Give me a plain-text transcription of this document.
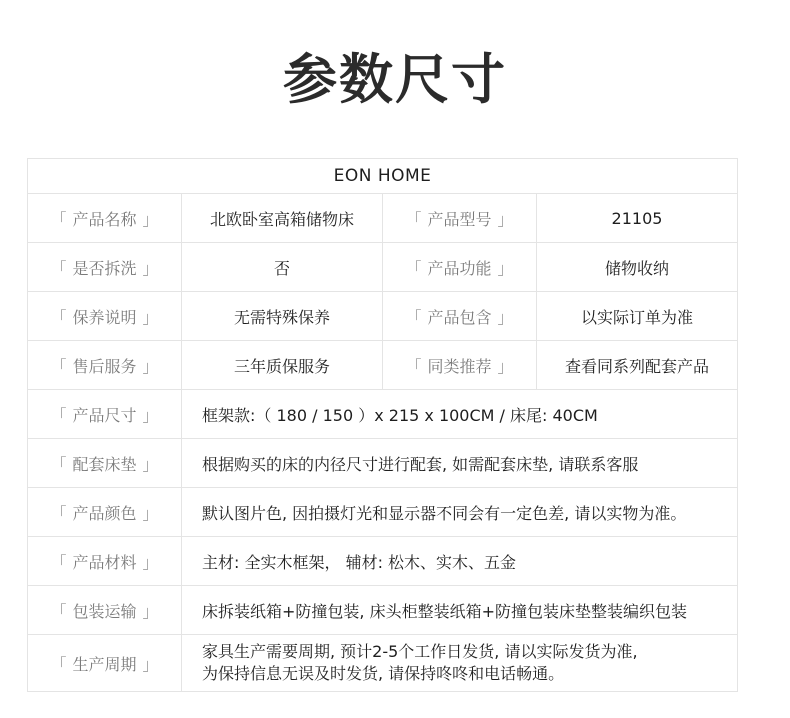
参数尺寸
EON HOME			
「 产品名称 」	北欧卧室高箱储物床	「 产品型号 」	21105
「 是否拆洗 」	否	「 产品功能 」	储物收纳
「 保养说明 」	无需特殊保养	「 产品包含 」	以实际订单为准
「 售后服务 」	三年质保服务	「 同类推荐 」	查看同系列配套产品
「 产品尺寸 」	框架款:（ 180 / 150 ）x 215 x 100CM / 床尾: 40CM		
「 配套床垫 」	根据购买的床的内径尺寸进行配套, 如需配套床垫, 请联系客服		
「 产品颜色 」	默认图片色, 因拍摄灯光和显示器不同会有一定色差, 请以实物为准。		
「 产品材料 」	主材: 全实木框架， 辅材: 松木、实木、五金		
「 包装运输 」	床拆装纸箱+防撞包装, 床头柜整装纸箱+防撞包装床垫整装编织包装		
「 生产周期 」	家具生产需要周期, 预计2-5个工作日发货, 请以实际发货为准,
为保持信息无误及时发货, 请保持咚咚和电话畅通。		
